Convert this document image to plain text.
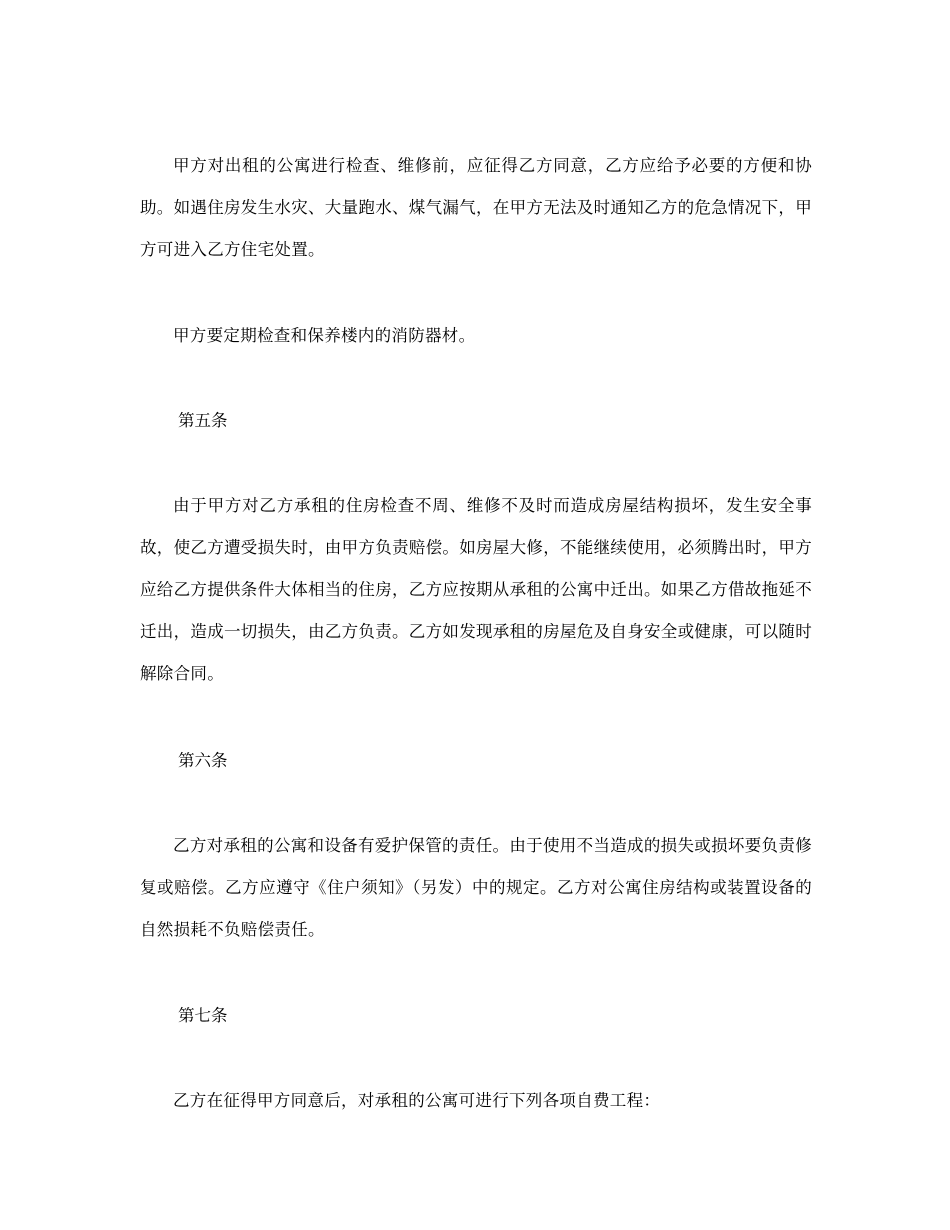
甲方对出租的公寓进行检查、维修前，应征得乙方同意，乙方应给予必要的方便和协助。如遇住房发生水灾、大量跑水、煤气漏气，在甲方无法及时通知乙方的危急情况下，甲方可进入乙方住宅处置。

甲方要定期检查和保养楼内的消防器材。

第五条

由于甲方对乙方承租的住房检查不周、维修不及时而造成房屋结构损坏，发生安全事故，使乙方遭受损失时，由甲方负责赔偿。如房屋大修，不能继续使用，必须腾出时，甲方应给乙方提供条件大体相当的住房，乙方应按期从承租的公寓中迁出。如果乙方借故拖延不迁出，造成一切损失，由乙方负责。乙方如发现承租的房屋危及自身安全或健康，可以随时解除合同。

第六条

乙方对承租的公寓和设备有爱护保管的责任。由于使用不当造成的损失或损坏要负责修复或赔偿。乙方应遵守《住户须知》（另发）中的规定。乙方对公寓住房结构或装置设备的自然损耗不负赔偿责任。

第七条

乙方在征得甲方同意后，对承租的公寓可进行下列各项自费工程：
